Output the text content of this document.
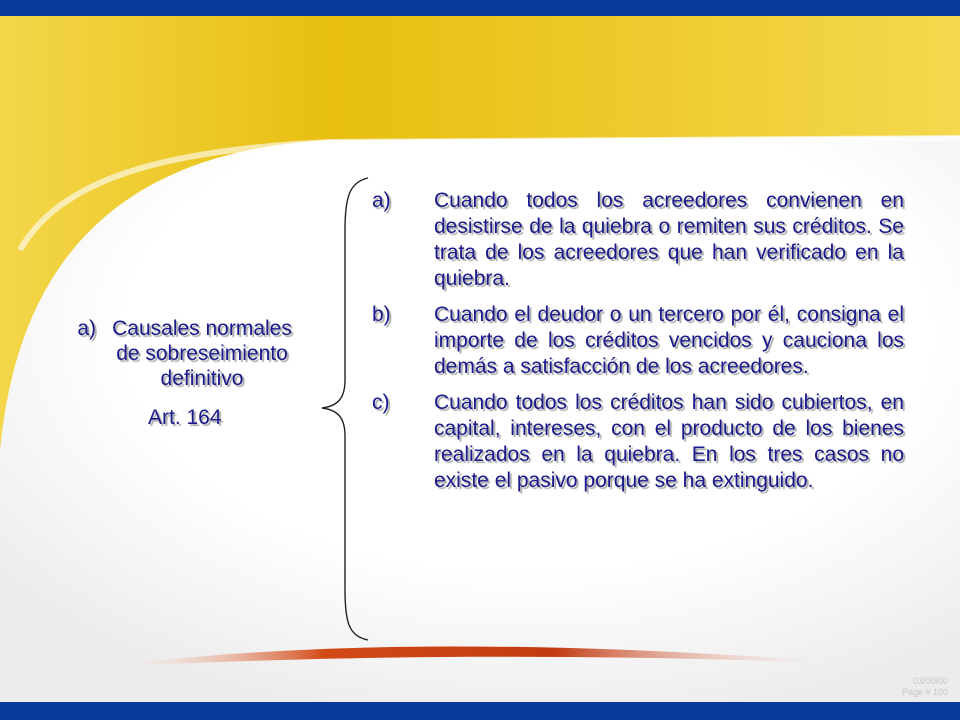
a) Causales normales de sobreseimiento definitivo
Art. 164
a)	Cuando todos los acreedores convienen en desistirse de la quiebra o remiten sus créditos. Se trata de los acreedores que han verificado en la quiebra.
b)	Cuando el deudor o un tercero por él, consigna el importe de los créditos vencidos y cauciona los demás a satisfacción de los acreedores.
c)	Cuando todos los créditos han sido cubiertos, en capital, intereses, con el producto de los bienes realizados en la quiebra. En los tres casos no existe el pasivo porque se ha extinguido.
03/00/00
Page # 100
